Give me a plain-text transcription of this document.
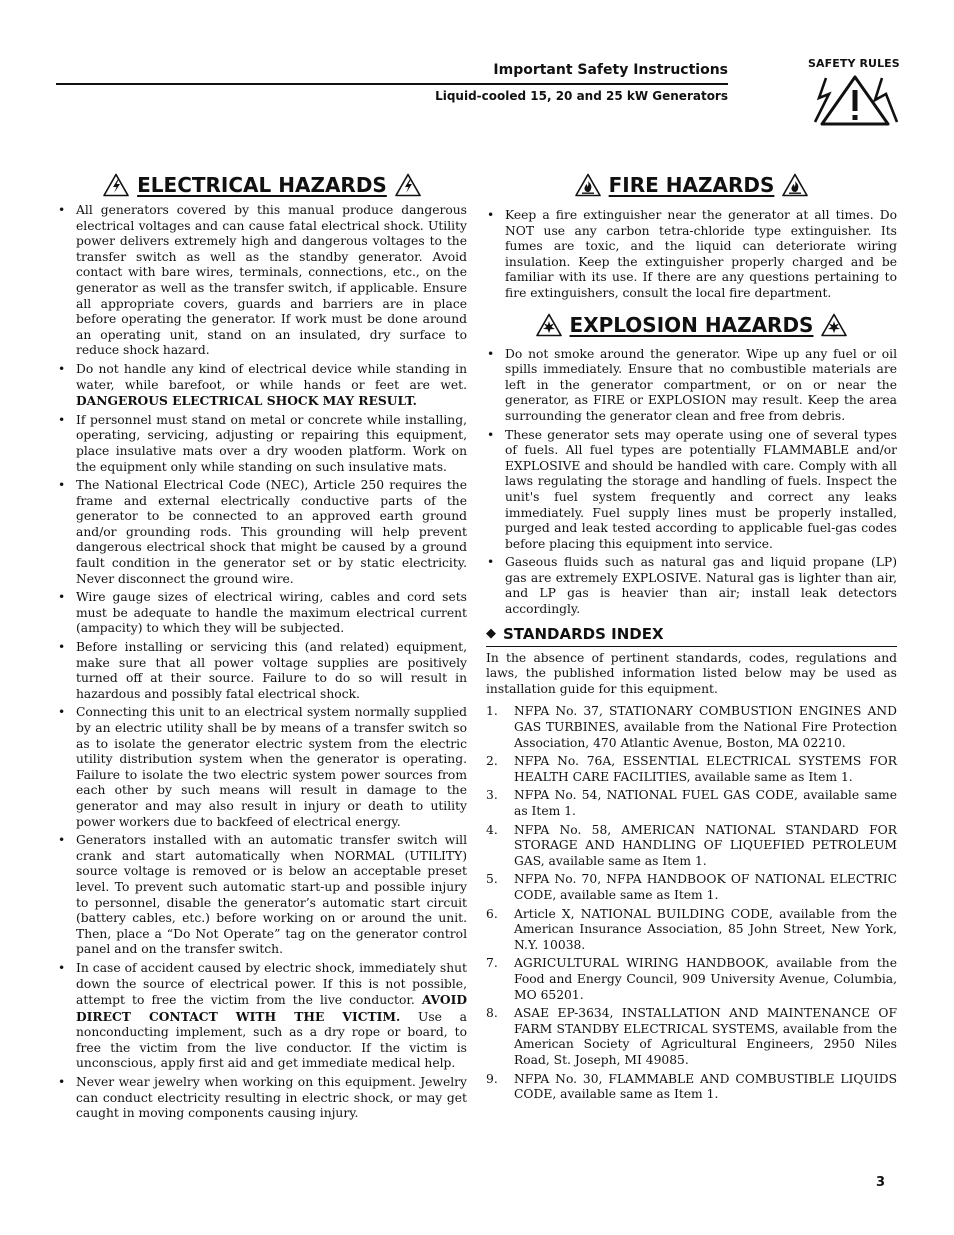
Important Safety Instructions
Liquid-cooled 15, 20 and 25 kW Generators
SAFETY RULES
ELECTRICAL HAZARDS
• All generators covered by this manual produce dangerous electrical voltages and can cause fatal electrical shock. Utility power delivers extremely high and dangerous voltages to the transfer switch as well as the standby generator. Avoid contact with bare wires, terminals, connections, etc., on the generator as well as the transfer switch, if applicable. Ensure all appropriate covers, guards and barriers are in place before operating the generator. If work must be done around an operating unit, stand on an insulated, dry surface to reduce shock hazard.
• Do not handle any kind of electrical device while standing in water, while barefoot, or while hands or feet are wet. DANGEROUS ELECTRICAL SHOCK MAY RESULT.
• If personnel must stand on metal or concrete while installing, operating, servicing, adjusting or repairing this equipment, place insulative mats over a dry wooden platform. Work on the equipment only while standing on such insulative mats.
• The National Electrical Code (NEC), Article 250 requires the frame and external electrically conductive parts of the generator to be connected to an approved earth ground and/or grounding rods. This grounding will help prevent dangerous electrical shock that might be caused by a ground fault condition in the generator set or by static electricity. Never disconnect the ground wire.
• Wire gauge sizes of electrical wiring, cables and cord sets must be adequate to handle the maximum electrical current (ampacity) to which they will be subjected.
• Before installing or servicing this (and related) equipment, make sure that all power voltage supplies are positively turned off at their source. Failure to do so will result in hazardous and possibly fatal electrical shock.
• Connecting this unit to an electrical system normally supplied by an electric utility shall be by means of a transfer switch so as to isolate the generator electric system from the electric utility distribution system when the generator is operating. Failure to isolate the two electric system power sources from each other by such means will result in damage to the generator and may also result in injury or death to utility power workers due to backfeed of electrical energy.
• Generators installed with an automatic transfer switch will crank and start automatically when NORMAL (UTILITY) source voltage is removed or is below an acceptable preset level. To prevent such automatic start-up and possible injury to personnel, disable the generator’s automatic start circuit (battery cables, etc.) before working on or around the unit. Then, place a “Do Not Operate” tag on the generator control panel and on the transfer switch.
• In case of accident caused by electric shock, immediately shut down the source of electrical power. If this is not possible, attempt to free the victim from the live conductor. AVOID DIRECT CONTACT WITH THE VICTIM. Use a nonconducting implement, such as a dry rope or board, to free the victim from the live conductor. If the victim is unconscious, apply first aid and get immediate medical help.
• Never wear jewelry when working on this equipment. Jewelry can conduct electricity resulting in electric shock, or may get caught in moving components causing injury.
FIRE HAZARDS
• Keep a fire extinguisher near the generator at all times. Do NOT use any carbon tetra-chloride type extinguisher. Its fumes are toxic, and the liquid can deteriorate wiring insulation. Keep the extinguisher properly charged and be familiar with its use. If there are any questions pertaining to fire extinguishers, consult the local fire department.
EXPLOSION HAZARDS
• Do not smoke around the generator. Wipe up any fuel or oil spills immediately. Ensure that no combustible materials are left in the generator compartment, or on or near the generator, as FIRE or EXPLOSION may result. Keep the area surrounding the generator clean and free from debris.
• These generator sets may operate using one of several types of fuels. All fuel types are potentially FLAMMABLE and/or EXPLOSIVE and should be handled with care. Comply with all laws regulating the storage and handling of fuels. Inspect the unit's fuel system frequently and correct any leaks immediately. Fuel supply lines must be properly installed, purged and leak tested according to applicable fuel-gas codes before placing this equipment into service.
• Gaseous fluids such as natural gas and liquid propane (LP) gas are extremely EXPLOSIVE. Natural gas is lighter than air, and LP gas is heavier than air; install leak detectors accordingly.
◆ STANDARDS INDEX

In the absence of pertinent standards, codes, regulations and laws, the published information listed below may be used as installation guide for this equipment.

1. NFPA No. 37, STATIONARY COMBUSTION ENGINES AND GAS TURBINES, available from the National Fire Protection Association, 470 Atlantic Avenue, Boston, MA 02210.
2. NFPA No. 76A, ESSENTIAL ELECTRICAL SYSTEMS FOR HEALTH CARE FACILITIES, available same as Item 1.
3. NFPA No. 54, NATIONAL FUEL GAS CODE, available same as Item 1.
4. NFPA No. 58, AMERICAN NATIONAL STANDARD FOR STORAGE AND HANDLING OF LIQUEFIED PETROLEUM GAS, available same as Item 1.
5. NFPA No. 70, NFPA HANDBOOK OF NATIONAL ELECTRIC CODE, available same as Item 1.
6. Article X, NATIONAL BUILDING CODE, available from the American Insurance Association, 85 John Street, New York, N.Y. 10038.
7. AGRICULTURAL WIRING HANDBOOK, available from the Food and Energy Council, 909 University Avenue, Columbia, MO 65201.
8. ASAE EP-3634, INSTALLATION AND MAINTENANCE OF FARM STANDBY ELECTRICAL SYSTEMS, available from the American Society of Agricultural Engineers, 2950 Niles Road, St. Joseph, MI 49085.
9. NFPA No. 30, FLAMMABLE AND COMBUSTIBLE LIQUIDS CODE, available same as Item 1.
3
